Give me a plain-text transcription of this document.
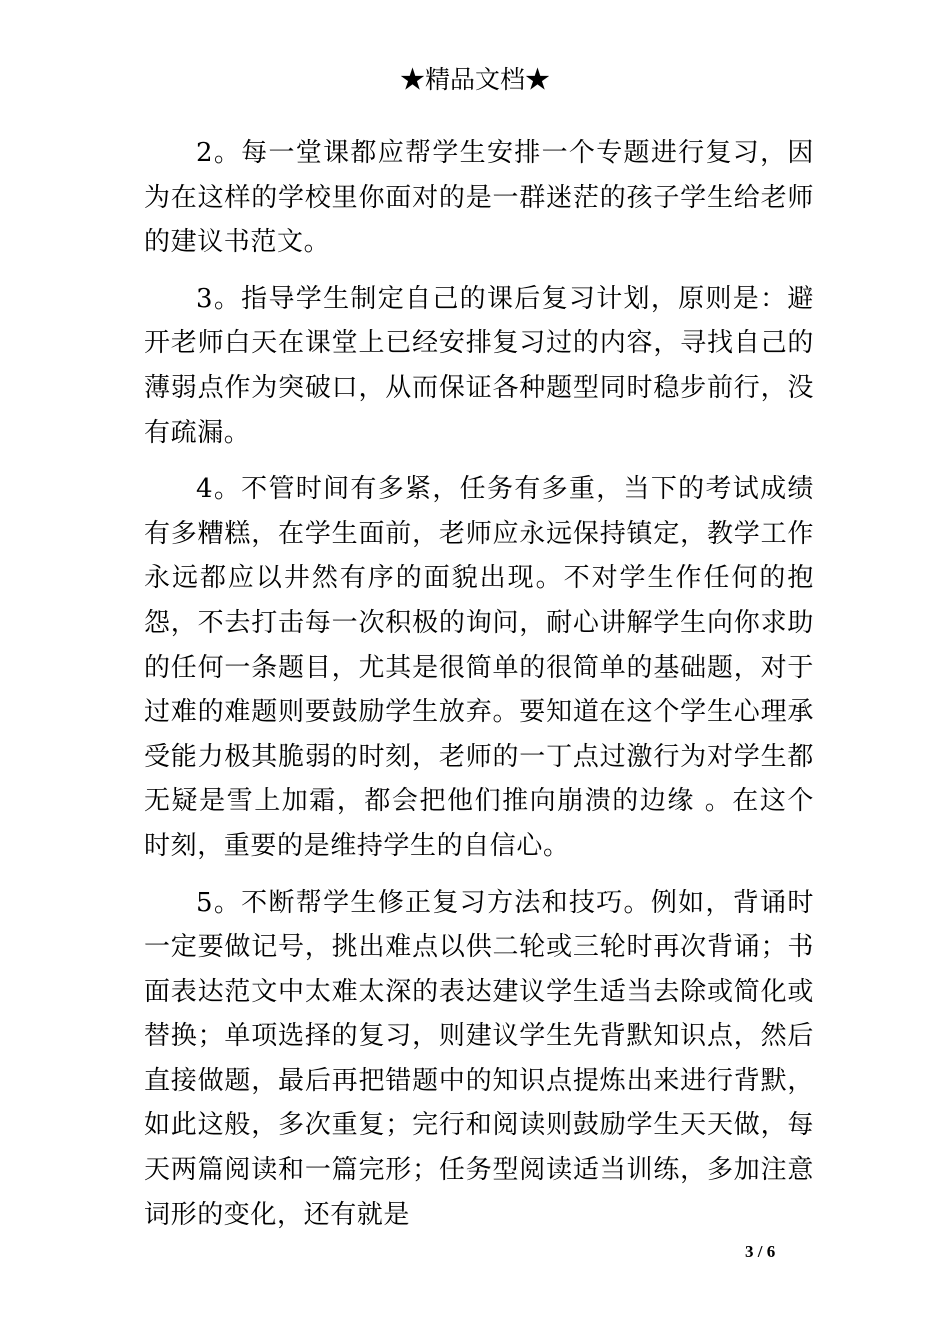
★精品文档★

2。每一堂课都应帮学生安排一个专题进行复习，因为在这样的学校里你面对的是一群迷茫的孩子学生给老师的建议书范文。

3。指导学生制定自己的课后复习计划，原则是：避开老师白天在课堂上已经安排复习过的内容，寻找自己的薄弱点作为突破口，从而保证各种题型同时稳步前行，没有疏漏。

4。不管时间有多紧，任务有多重，当下的考试成绩有多糟糕，在学生面前，老师应永远保持镇定，教学工作永远都应以井然有序的面貌出现。不对学生作任何的抱怨，不去打击每一次积极的询问，耐心讲解学生向你求助的任何一条题目，尤其是很简单的很简单的基础题，对于过难的难题则要鼓励学生放弃。要知道在这个学生心理承受能力极其脆弱的时刻，老师的一丁点过激行为对学生都无疑是雪上加霜，都会把他们推向崩溃的边缘 。在这个时刻，重要的是维持学生的自信心。

5。不断帮学生修正复习方法和技巧。例如，背诵时一定要做记号，挑出难点以供二轮或三轮时再次背诵；书面表达范文中太难太深的表达建议学生适当去除或简化或替换；单项选择的复习，则建议学生先背默知识点，然后直接做题，最后再把错题中的知识点提炼出来进行背默，如此这般，多次重复；完行和阅读则鼓励学生天天做，每天两篇阅读和一篇完形；任务型阅读适当训练，多加注意词形的变化，还有就是

3 / 6
